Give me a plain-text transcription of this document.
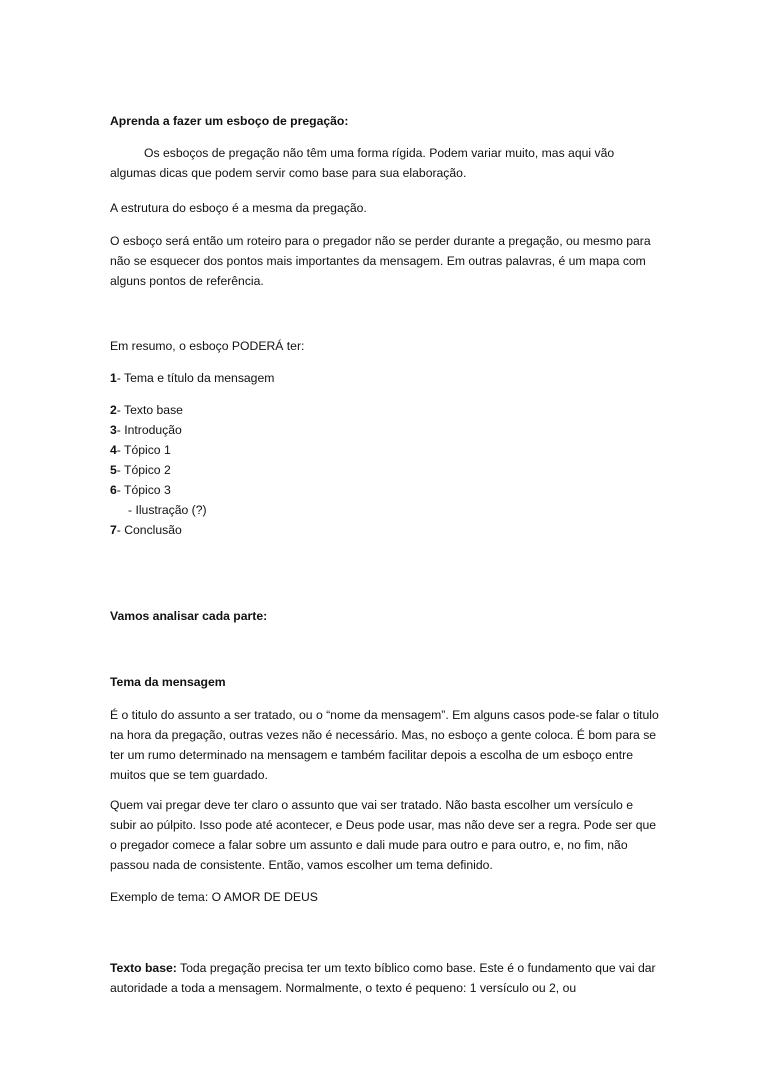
Aprenda a fazer um esboço de pregação:

Os esboços de pregação não têm uma forma rígida. Podem variar muito, mas aqui vão algumas dicas que podem servir como base para sua elaboração.

A estrutura do esboço é a mesma da pregação.

O esboço será então um roteiro para o pregador não se perder durante a pregação, ou mesmo para não se esquecer dos pontos mais importantes da mensagem. Em outras palavras, é um mapa com alguns pontos de referência.

Em resumo, o esboço PODERÁ ter:

1- Tema e título da mensagem
2- Texto base
3- Introdução
4- Tópico 1
5- Tópico 2
6- Tópico 3
- Ilustração (?)
7- Conclusão

Vamos analisar cada parte:

Tema da mensagem

É o titulo do assunto a ser tratado, ou o “nome da mensagem”. Em alguns casos pode-se falar o titulo na hora da pregação, outras vezes não é necessário. Mas, no esboço a gente coloca. É bom para se ter um rumo determinado na mensagem e também facilitar depois a escolha de um esboço entre muitos que se tem guardado.

Quem vai pregar deve ter claro o assunto que vai ser tratado. Não basta escolher um versículo e subir ao púlpito. Isso pode até acontecer, e Deus pode usar, mas não deve ser a regra. Pode ser que o pregador comece a falar sobre um assunto e dali mude para outro e para outro, e, no fim, não passou nada de consistente. Então, vamos escolher um tema definido.

Exemplo de tema: O AMOR DE DEUS

Texto base: Toda pregação precisa ter um texto bíblico como base. Este é o fundamento que vai dar autoridade a toda a mensagem. Normalmente, o texto é pequeno: 1 versículo ou 2, ou
